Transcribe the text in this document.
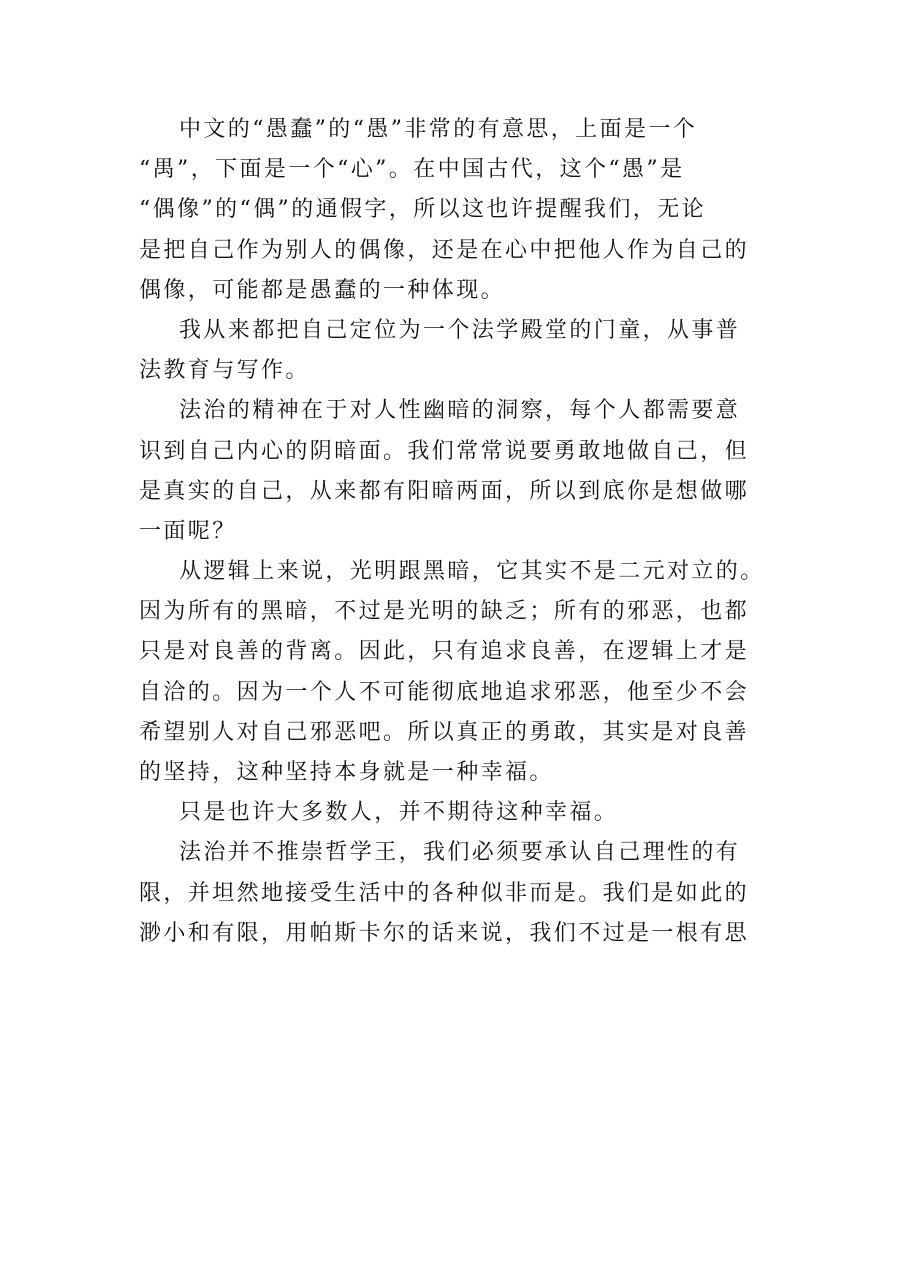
中文的“愚蠢”的“愚”非常的有意思，上面是一个
“禺”，下面是一个“心”。在中国古代，这个“愚”是
“偶像”的“偶”的通假字，所以这也许提醒我们，无论
是把自己作为别人的偶像，还是在心中把他人作为自己的
偶像，可能都是愚蠢的一种体现。
我从来都把自己定位为一个法学殿堂的门童，从事普
法教育与写作。
法治的精神在于对人性幽暗的洞察，每个人都需要意
识到自己内心的阴暗面。我们常常说要勇敢地做自己，但
是真实的自己，从来都有阳暗两面，所以到底你是想做哪
一面呢？
从逻辑上来说，光明跟黑暗，它其实不是二元对立的。
因为所有的黑暗，不过是光明的缺乏；所有的邪恶，也都
只是对良善的背离。因此，只有追求良善，在逻辑上才是
自洽的。因为一个人不可能彻底地追求邪恶，他至少不会
希望别人对自己邪恶吧。所以真正的勇敢，其实是对良善
的坚持，这种坚持本身就是一种幸福。
只是也许大多数人，并不期待这种幸福。
法治并不推崇哲学王，我们必须要承认自己理性的有
限，并坦然地接受生活中的各种似非而是。我们是如此的
渺小和有限，用帕斯卡尔的话来说，我们不过是一根有思
